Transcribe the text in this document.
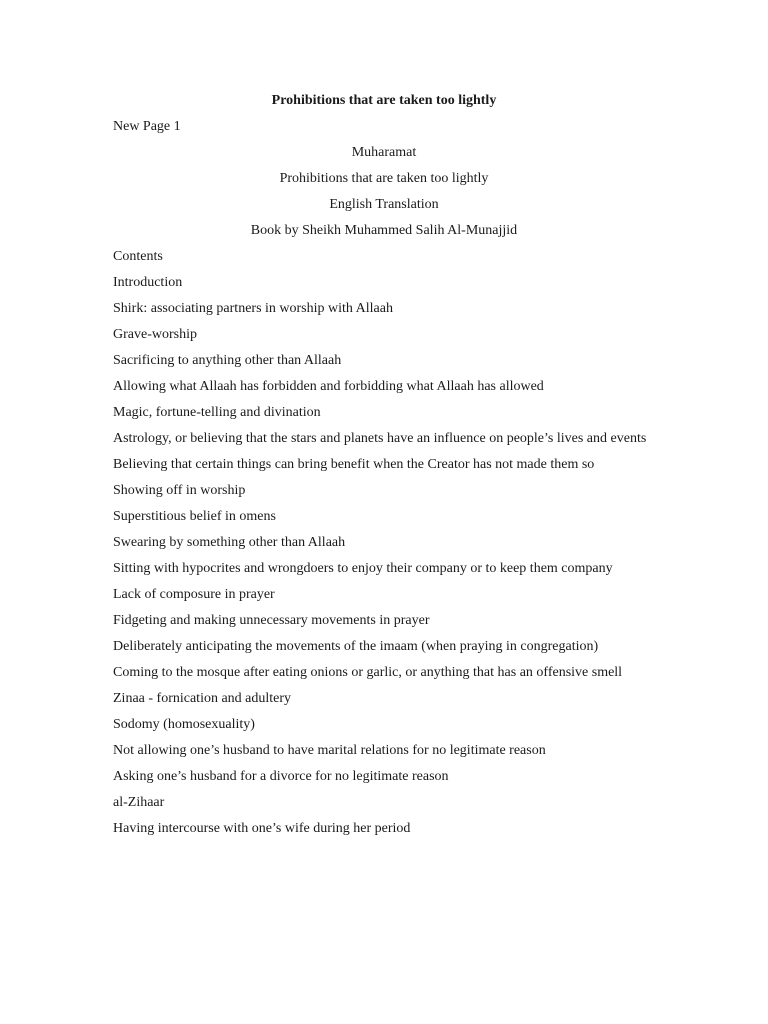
Prohibitions that are taken too lightly

New Page 1

Muharamat

Prohibitions that are taken too lightly

English Translation

Book by Sheikh Muhammed Salih Al-Munajjid

Contents

Introduction
Shirk: associating partners in worship with Allaah
Grave-worship
Sacrificing to anything other than Allaah
Allowing what Allaah has forbidden and forbidding what Allaah has allowed
Magic, fortune-telling and divination
Astrology, or believing that the stars and planets have an influence on people’s lives and events
Believing that certain things can bring benefit when the Creator has not made them so
Showing off in worship
Superstitious belief in omens
Swearing by something other than Allaah
Sitting with hypocrites and wrongdoers to enjoy their company or to keep them company
Lack of composure in prayer
Fidgeting and making unnecessary movements in prayer
Deliberately anticipating the movements of the imaam (when praying in congregation)
Coming to the mosque after eating onions or garlic, or anything that has an offensive smell
Zinaa - fornication and adultery
Sodomy (homosexuality)
Not allowing one’s husband to have marital relations for no legitimate reason
Asking one’s husband for a divorce for no legitimate reason
al-Zihaar
Having intercourse with one’s wife during her period
